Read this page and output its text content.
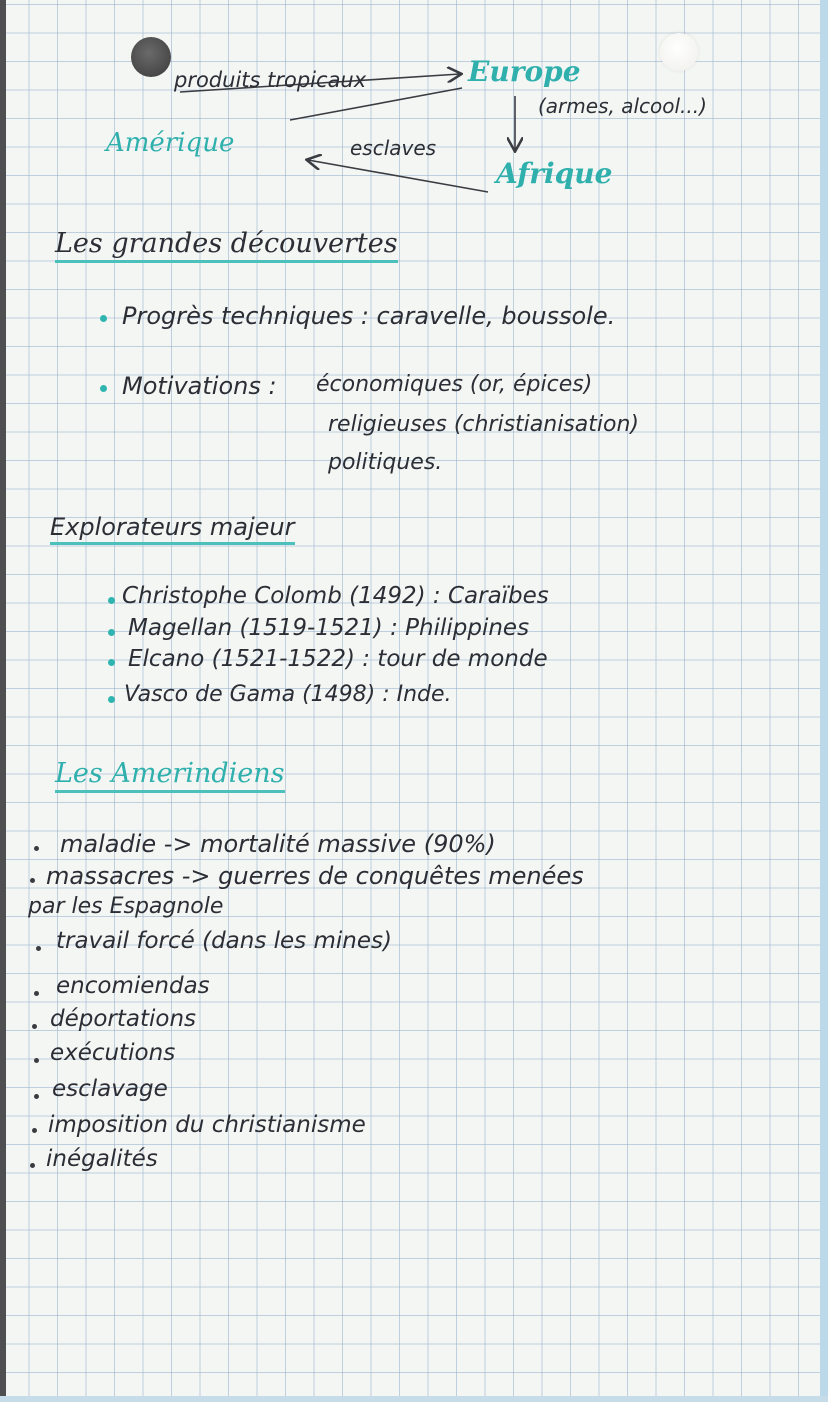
produits tropicaux	Europe
(armes, alcool...)
Amérique	esclaves
Afrique
Les grandes découvertes
Progrès techniques : caravelle, boussole.
Motivations : économiques (or, épices)
religieuses (christianisation)
politiques.
Explorateurs majeur
Christophe Colomb (1492) : Caraïbes
Magellan (1519-1521) : Philippines
Elcano (1521-1522) : tour de monde
Vasco de Gama (1498) : Inde.
Les Amerindiens
maladie -> mortalité massive (90%)
massacres -> guerres de conquêtes menées
par les Espagnole
travail forcé (dans les mines)
encomiendas
déportations
exécutions
esclavage
imposition du christianisme
inégalités
